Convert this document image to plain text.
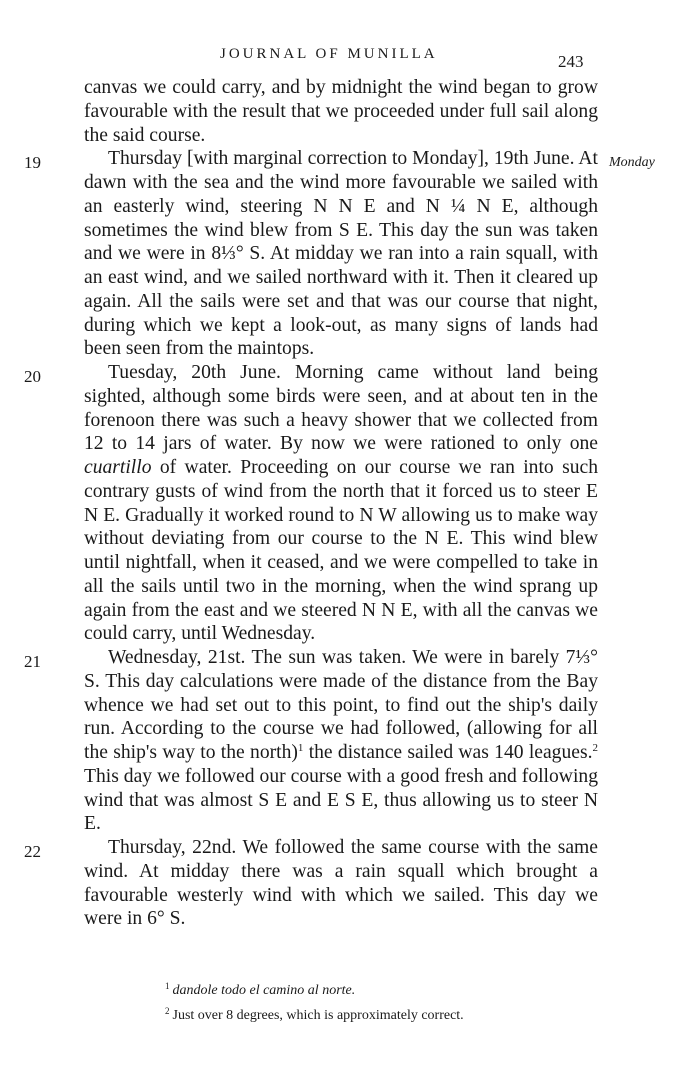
JOURNAL OF MUNILLA	243

canvas we could carry, and by midnight the wind began to grow favourable with the result that we proceeded under full sail along the said course.

19	Monday
Thursday [with marginal correction to Monday], 19th June. At dawn with the sea and the wind more favourable we sailed with an easterly wind, steering N N E and N ¼ N E, although sometimes the wind blew from S E. This day the sun was taken and we were in 8⅓° S. At midday we ran into a rain squall, with an east wind, and we sailed northward with it. Then it cleared up again. All the sails were set and that was our course that night, during which we kept a look-out, as many signs of lands had been seen from the maintops.

20	Tuesday, 20th June. Morning came without land being sighted, although some birds were seen, and at about ten in the forenoon there was such a heavy shower that we collected from 12 to 14 jars of water. By now we were rationed to only one cuartillo of water. Proceeding on our course we ran into such contrary gusts of wind from the north that it forced us to steer E N E. Gradually it worked round to N W allowing us to make way without deviating from our course to the N E. This wind blew until nightfall, when it ceased, and we were compelled to take in all the sails until two in the morning, when the wind sprang up again from the east and we steered N N E, with all the canvas we could carry, until Wednesday.

21	Wednesday, 21st. The sun was taken. We were in barely 7⅓° S. This day calculations were made of the distance from the Bay whence we had set out to this point, to find out the ship's daily run. According to the course we had followed, (allowing for all the ship's way to the north)$^1$ the distance sailed was 140 leagues.$^2$ This day we followed our course with a good fresh and following wind that was almost S E and E S E, thus allowing us to steer N E.

22	Thursday, 22nd. We followed the same course with the same wind. At midday there was a rain squall which brought a favourable westerly wind with which we sailed. This day we were in 6° S.

$^1$ dandole todo el camino al norte.

$^2$ Just over 8 degrees, which is approximately correct.
